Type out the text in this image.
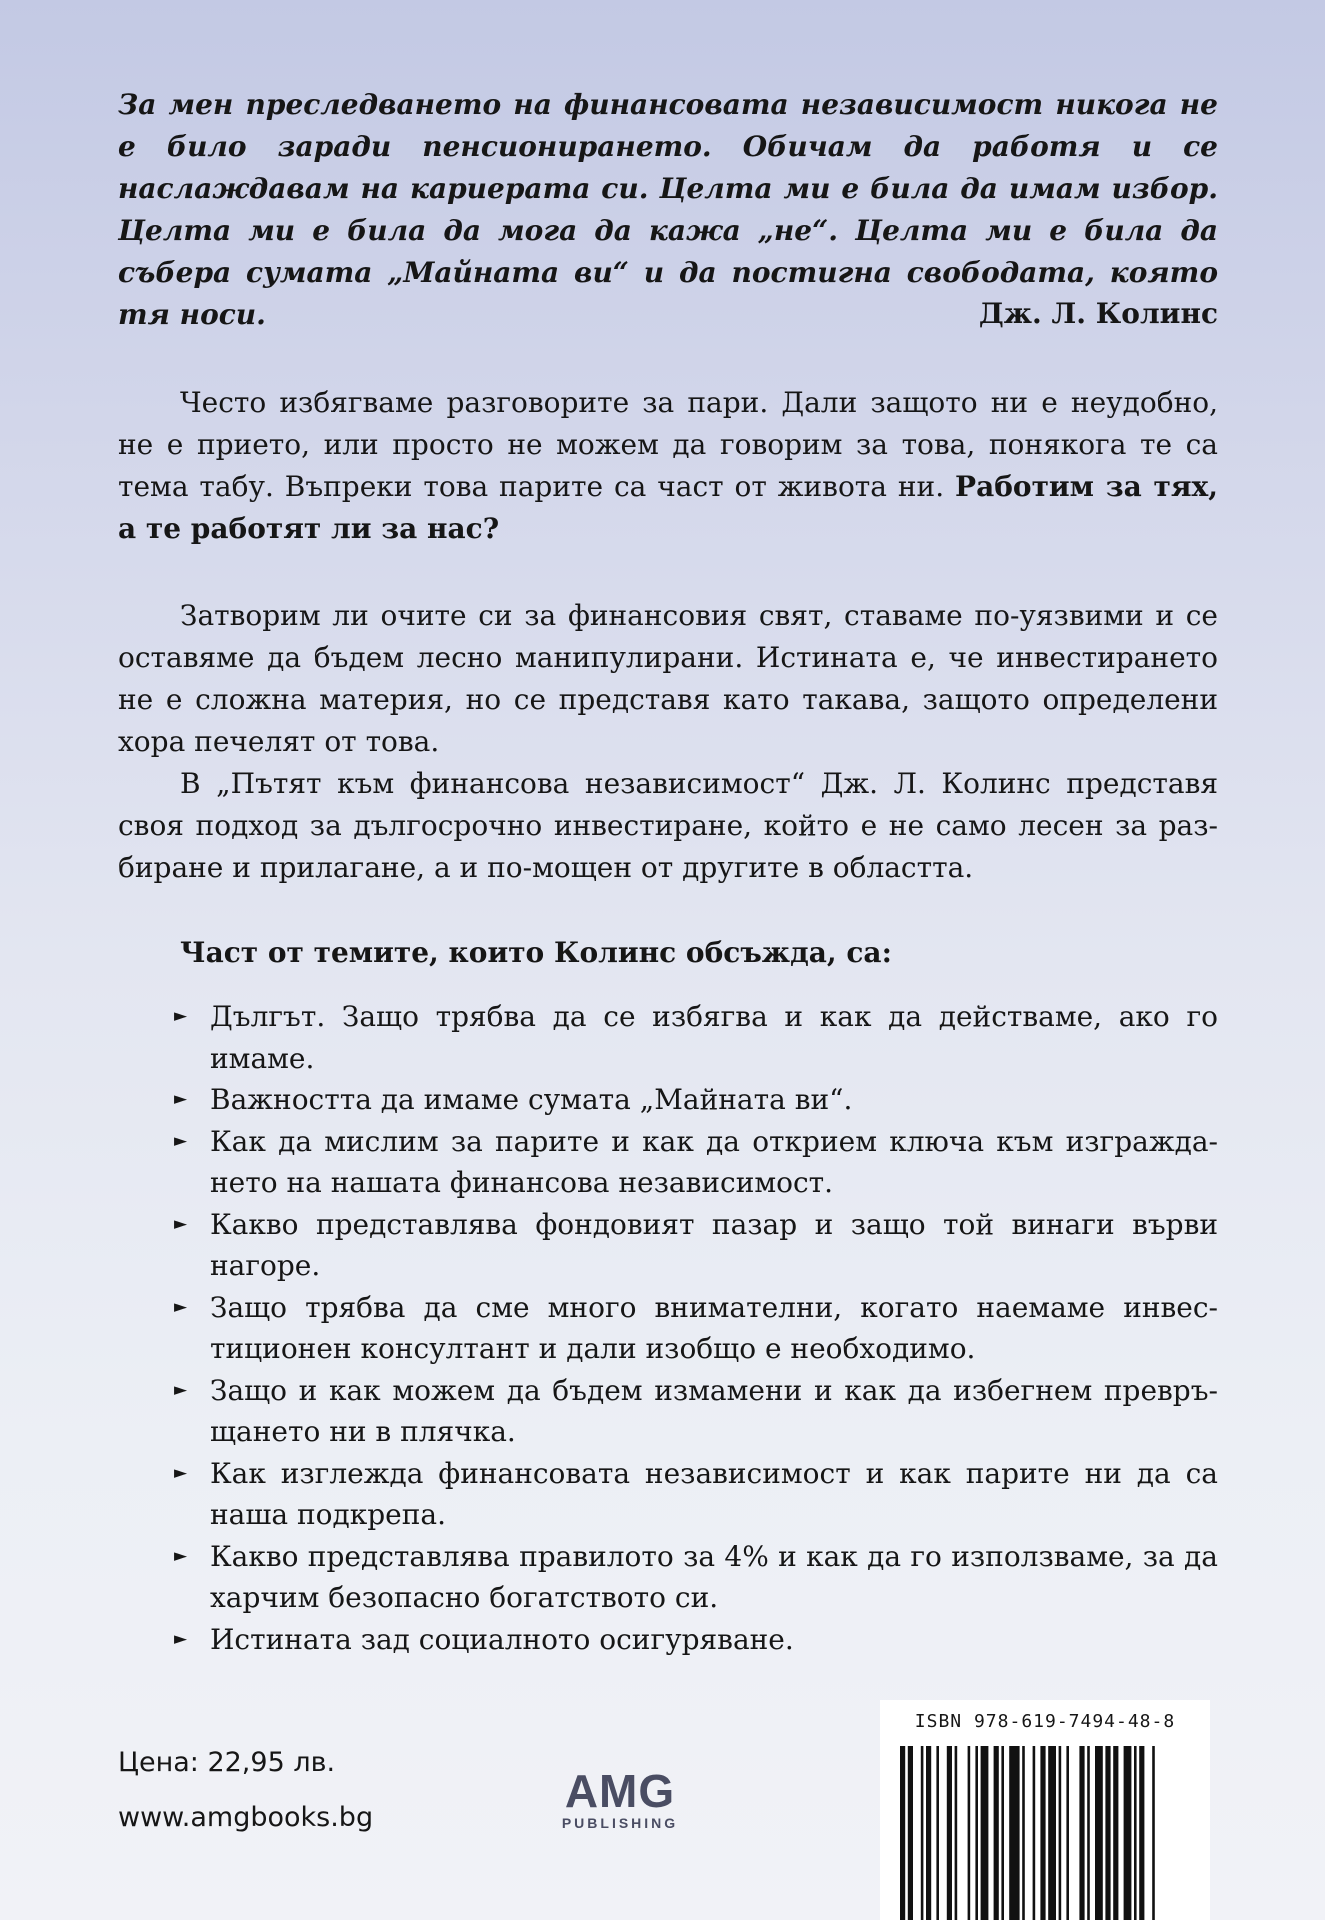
За мен преследването на финансовата независимост никога не е било заради пенсионирането. Обичам да работя и се наслаждавам на кариерата си. Целта ми е била да имам избор. Целта ми е била да мога да кажа „не“. Целта ми е била да събера сумата „Майната ви“ и да постигна свободата, която тя носи.	Дж. Л. Колинс

Често избягваме разговорите за пари. Дали защото ни е неудобно, не е прието, или просто не можем да говорим за това, понякога те са тема табу. Въпреки това парите са част от живота ни. Работим за тях, а те работят ли за нас?

Затворим ли очите си за финансовия свят, ставаме по-уязвими и се оставяме да бъдем лесно манипулирани. Истината е, че инвестирането не е сложна материя, но се представя като такава, защото определени хора печелят от това.

В „Пътят към финансова независимост“ Дж. Л. Колинс представя своя подход за дългосрочно инвестиране, който е не само лесен за разбиране и прилагане, а и по-мощен от другите в областта.

Част от темите, които Колинс обсъжда, са:

► Дългът. Защо трябва да се избягва и как да действаме, ако го имаме.
► Важността да имаме сумата „Майната ви“.
► Как да мислим за парите и как да открием ключа към изграждането на нашата финансова независимост.
► Какво представлява фондовият пазар и защо той винаги върви нагоре.
► Защо трябва да сме много внимателни, когато наемаме инвестиционен консултант и дали изобщо е необходимо.
► Защо и как можем да бъдем измамени и как да избегнем превръщането ни в плячка.
► Как изглежда финансовата независимост и как парите ни да са наша подкрепа.
► Какво представлява правилото за 4% и как да го използваме, за да харчим безопасно богатството си.
► Истината зад социалното осигуряване.

Цена: 22,95 лв.

www.amgbooks.bg

AMG
PUBLISHING

ISBN 978-619-7494-48-8
